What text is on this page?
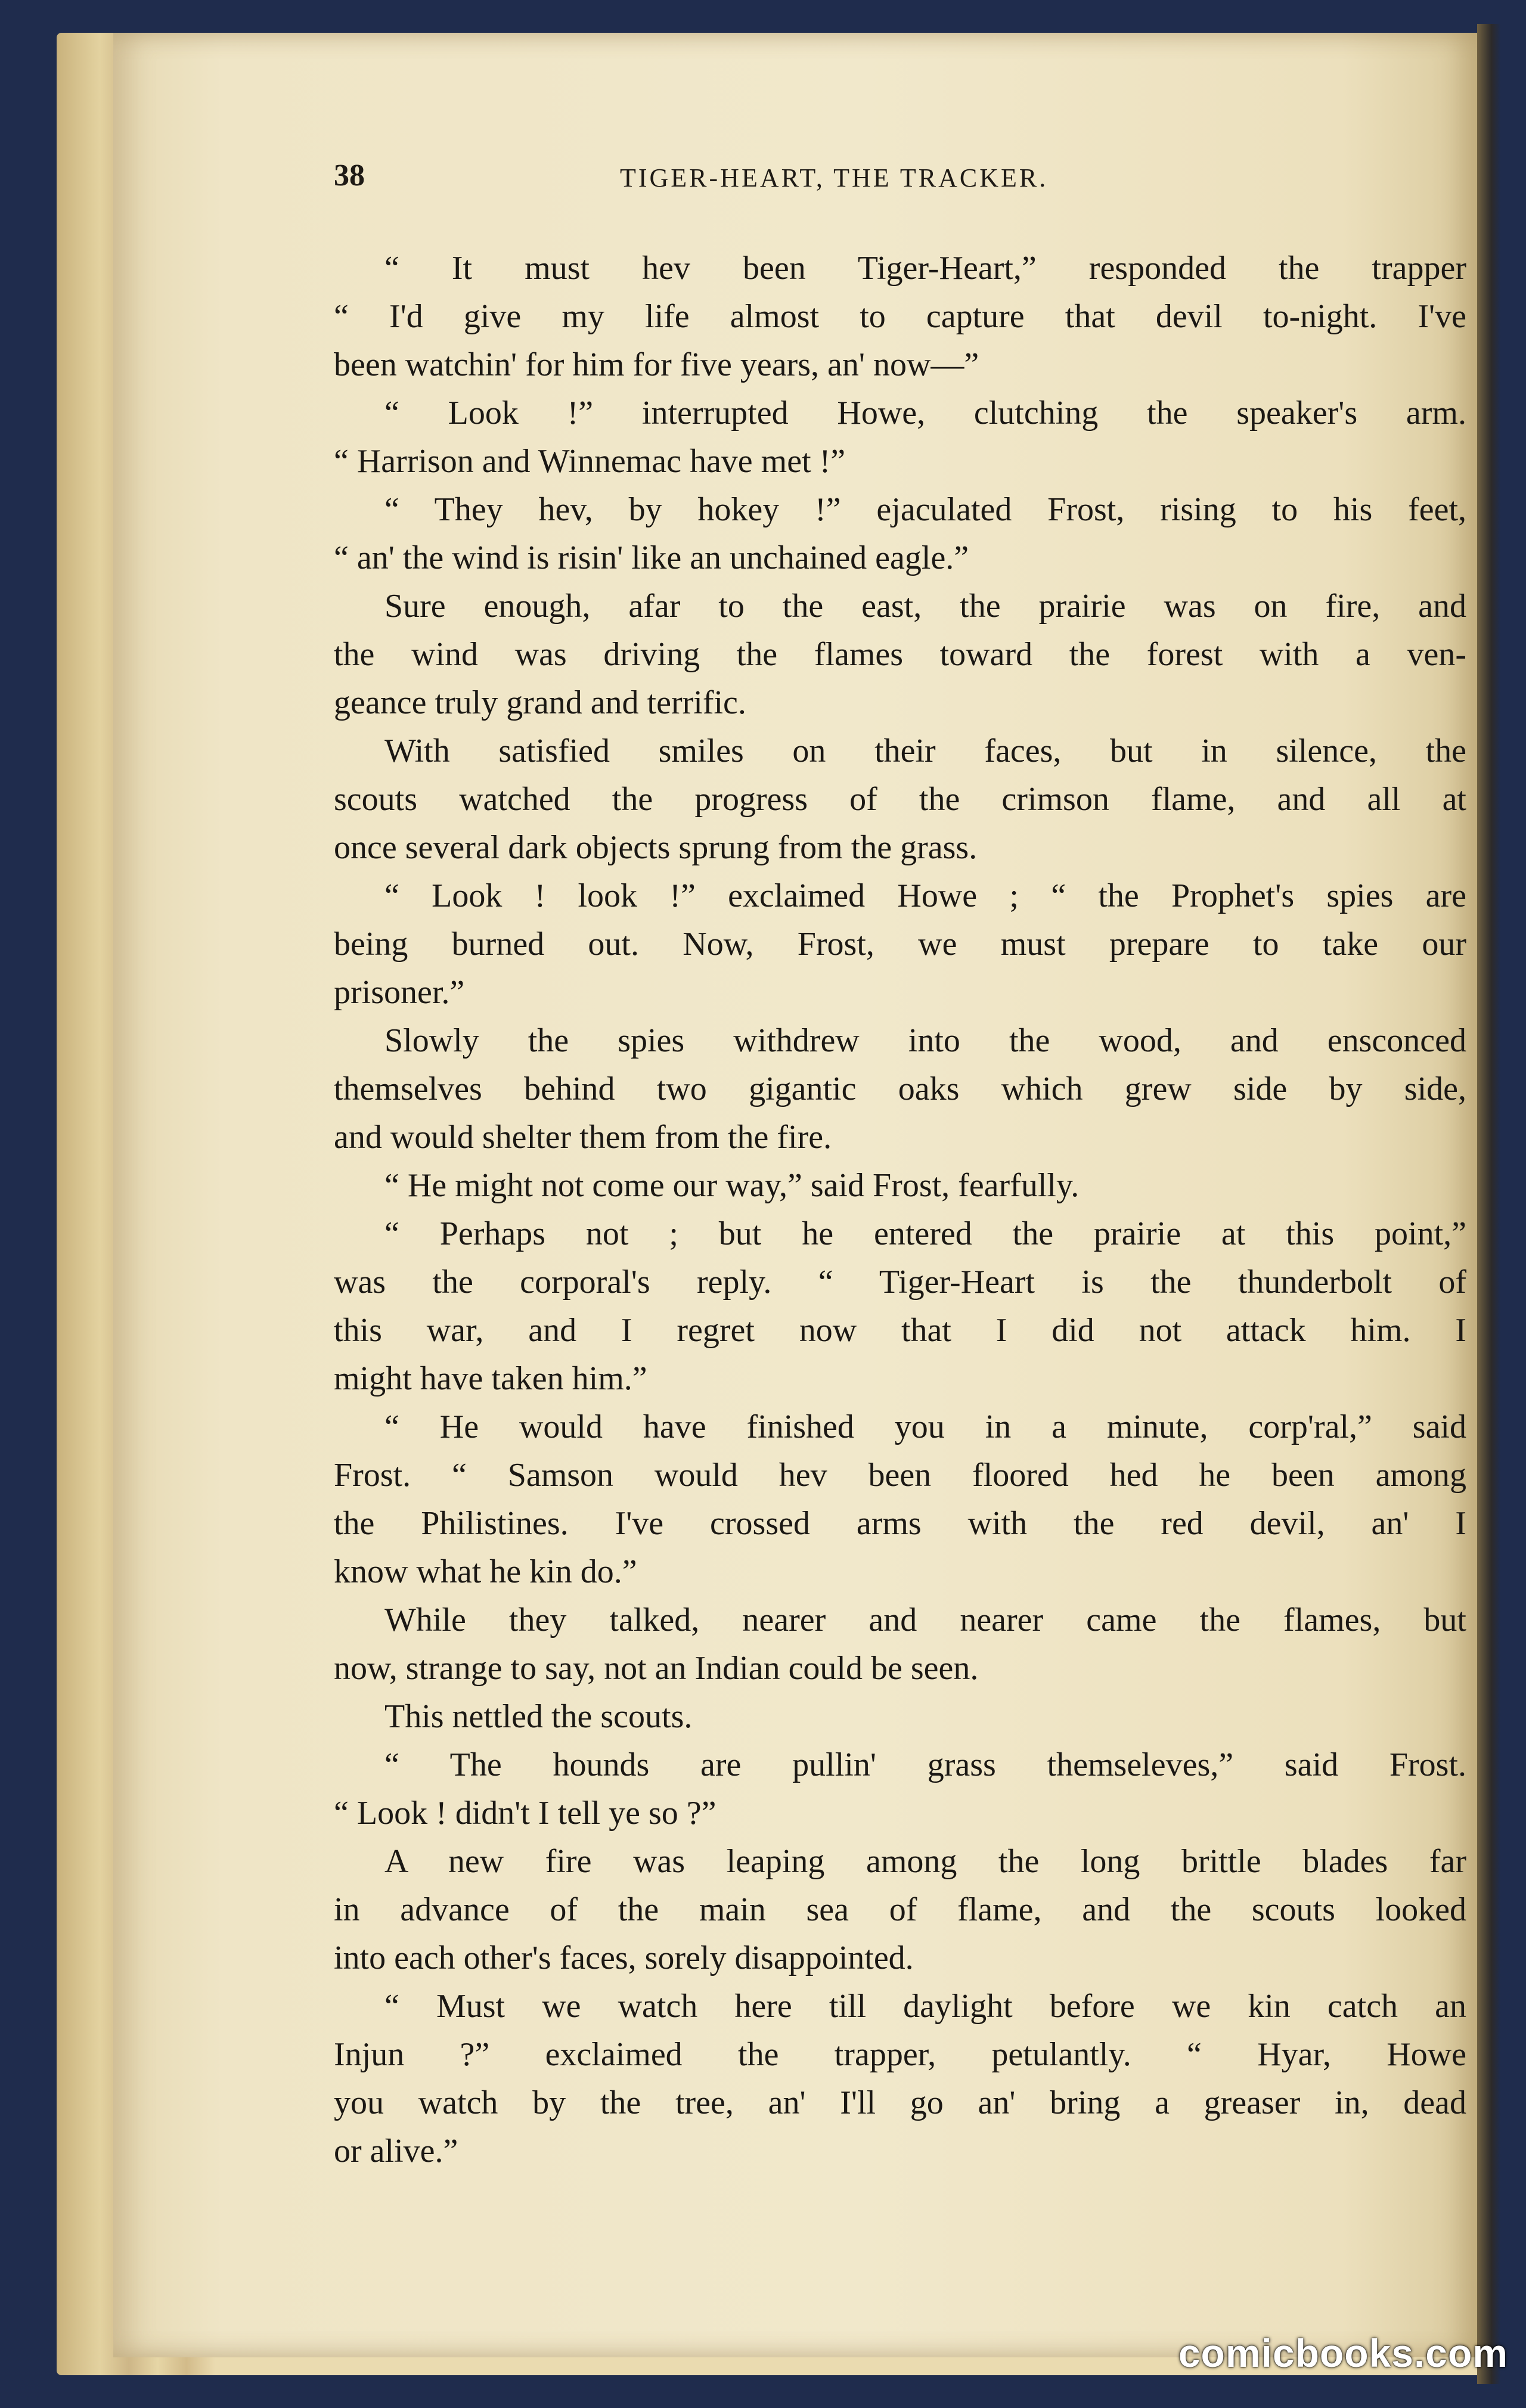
38	TIGER-HEART, THE TRACKER.
“ It must hev been Tiger-Heart,” responded the trapper
“ I'd give my life almost to capture that devil to-night. I've
been watchin' for him for five years, an' now—”
“ Look !” interrupted Howe, clutching the speaker's arm.
“ Harrison and Winnemac have met !”
“ They hev, by hokey !” ejaculated Frost, rising to his feet,
“ an' the wind is risin' like an unchained eagle.”
Sure enough, afar to the east, the prairie was on fire, and
the wind was driving the flames toward the forest with a ven-
geance truly grand and terrific.
With satisfied smiles on their faces, but in silence, the
scouts watched the progress of the crimson flame, and all at
once several dark objects sprung from the grass.
“ Look ! look !” exclaimed Howe ; “ the Prophet's spies are
being burned out. Now, Frost, we must prepare to take our
prisoner.”
Slowly the spies withdrew into the wood, and ensconced
themselves behind two gigantic oaks which grew side by side,
and would shelter them from the fire.
“ He might not come our way,” said Frost, fearfully.
“ Perhaps not ; but he entered the prairie at this point,”
was the corporal's reply. “ Tiger-Heart is the thunderbolt of
this war, and I regret now that I did not attack him. I
might have taken him.”
“ He would have finished you in a minute, corp'ral,” said
Frost. “ Samson would hev been floored hed he been among
the Philistines. I've crossed arms with the red devil, an' I
know what he kin do.”
While they talked, nearer and nearer came the flames, but
now, strange to say, not an Indian could be seen.
This nettled the scouts.
“ The hounds are pullin' grass themseleves,” said Frost.
“ Look ! didn't I tell ye so ?”
A new fire was leaping among the long brittle blades far
in advance of the main sea of flame, and the scouts looked
into each other's faces, sorely disappointed.
“ Must we watch here till daylight before we kin catch an
Injun ?” exclaimed the trapper, petulantly. “ Hyar, Howe
you watch by the tree, an' I'll go an' bring a greaser in, dead
or alive.”
comicbooks.com
